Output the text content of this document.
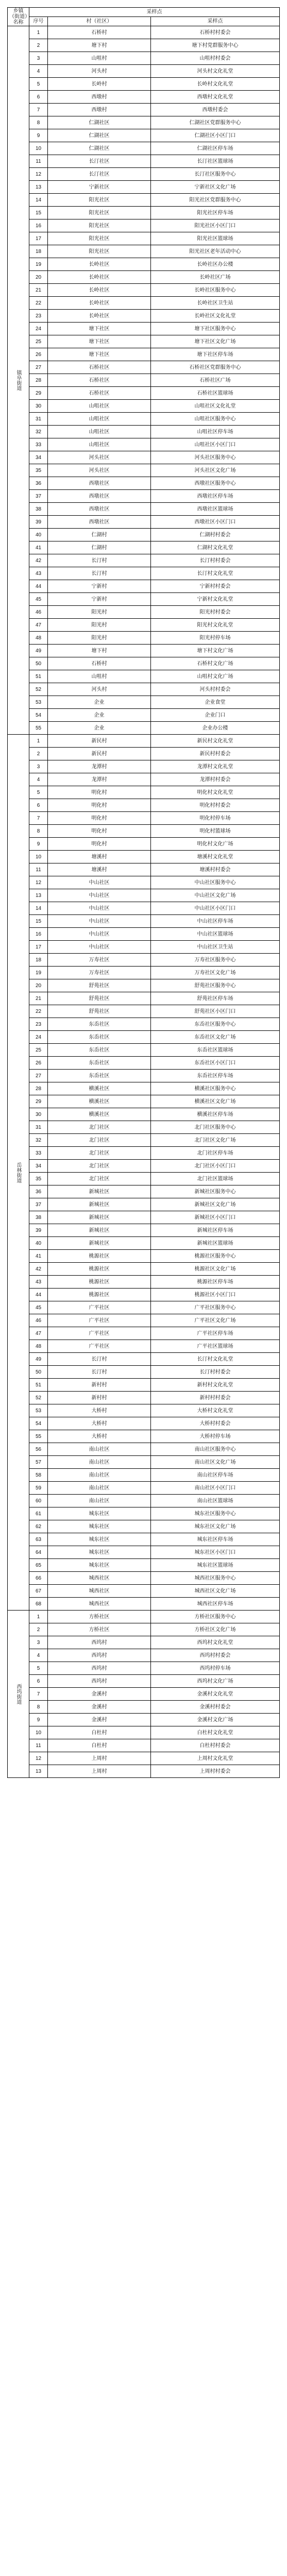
乡镇（街道）名称	采样点		
	序号	村（社区）	采样点
镇阜街道	1	石桥村	石桥村村委会
	2	塘下村	塘下村党群服务中心
	3	山咀村	山咀村村委会
	4	河头村	河头村文化礼堂
	5	长岭村	长岭村文化礼堂
	6	西墩村	西墩村文化礼堂
	7	西墩村	西墩村委会
	8	仁湖社区	仁湖社区党群服务中心
	9	仁湖社区	仁湖社区小区门口
	10	仁湖社区	仁湖社区停车场
	11	长汀社区	长汀社区篮球场
	12	长汀社区	长汀社区服务中心
	13	宁新社区	宁新社区文化广场
	14	阳光社区	阳光社区党群服务中心
	15	阳光社区	阳光社区停车场
	16	阳光社区	阳光社区小区门口
	17	阳光社区	阳光社区篮球场
	18	阳光社区	阳光社区老年活动中心
	19	长岭社区	长岭社区办公楼
	20	长岭社区	长岭社区广场
	21	长岭社区	长岭社区服务中心
	22	长岭社区	长岭社区卫生站
	23	长岭社区	长岭社区文化礼堂
	24	塘下社区	塘下社区服务中心
	25	塘下社区	塘下社区文化广场
	26	塘下社区	塘下社区停车场
	27	石桥社区	石桥社区党群服务中心
	28	石桥社区	石桥社区广场
	29	石桥社区	石桥社区篮球场
	30	山咀社区	山咀社区文化礼堂
	31	山咀社区	山咀社区服务中心
	32	山咀社区	山咀社区停车场
	33	山咀社区	山咀社区小区门口
	34	河头社区	河头社区服务中心
	35	河头社区	河头社区文化广场
	36	西墩社区	西墩社区服务中心
	37	西墩社区	西墩社区停车场
	38	西墩社区	西墩社区篮球场
	39	西墩社区	西墩社区小区门口
	40	仁湖村	仁湖村村委会
	41	仁湖村	仁湖村文化礼堂
	42	长汀村	长汀村村委会
	43	长汀村	长汀村文化礼堂
	44	宁新村	宁新村村委会
	45	宁新村	宁新村文化礼堂
	46	阳光村	阳光村村委会
	47	阳光村	阳光村文化礼堂
	48	阳光村	阳光村停车场
	49	塘下村	塘下村文化广场
	50	石桥村	石桥村文化广场
	51	山咀村	山咀村文化广场
	52	河头村	河头村村委会
	53	企业	企业食堂
	54	企业	企业门口
	55	企业	企业办公楼
岳林街道	1	新民村	新民村文化礼堂
	2	新民村	新民村村委会
	3	龙潭村	龙潭村文化礼堂
	4	龙潭村	龙潭村村委会
	5	明化村	明化村文化礼堂
	6	明化村	明化村村委会
	7	明化村	明化村停车场
	8	明化村	明化村篮球场
	9	明化村	明化村文化广场
	10	塘溪村	塘溪村文化礼堂
	11	塘溪村	塘溪村村委会
	12	中山社区	中山社区服务中心
	13	中山社区	中山社区文化广场
	14	中山社区	中山社区小区门口
	15	中山社区	中山社区停车场
	16	中山社区	中山社区篮球场
	17	中山社区	中山社区卫生站
	18	万寿社区	万寿社区服务中心
	19	万寿社区	万寿社区文化广场
	20	舒苑社区	舒苑社区服务中心
	21	舒苑社区	舒苑社区停车场
	22	舒苑社区	舒苑社区小区门口
	23	东岙社区	东岙社区服务中心
	24	东岙社区	东岙社区文化广场
	25	东岙社区	东岙社区篮球场
	26	东岙社区	东岙社区小区门口
	27	东岙社区	东岙社区停车场
	28	横溪社区	横溪社区服务中心
	29	横溪社区	横溪社区文化广场
	30	横溪社区	横溪社区停车场
	31	北门社区	北门社区服务中心
	32	北门社区	北门社区文化广场
	33	北门社区	北门社区停车场
	34	北门社区	北门社区小区门口
	35	北门社区	北门社区篮球场
	36	新城社区	新城社区服务中心
	37	新城社区	新城社区文化广场
	38	新城社区	新城社区小区门口
	39	新城社区	新城社区停车场
	40	新城社区	新城社区篮球场
	41	桃源社区	桃源社区服务中心
	42	桃源社区	桃源社区文化广场
	43	桃源社区	桃源社区停车场
	44	桃源社区	桃源社区小区门口
	45	广平社区	广平社区服务中心
	46	广平社区	广平社区文化广场
	47	广平社区	广平社区停车场
	48	广平社区	广平社区篮球场
	49	长汀村	长汀村文化礼堂
	50	长汀村	长汀村村委会
	51	新村村	新村村文化礼堂
	52	新村村	新村村村委会
	53	大桥村	大桥村文化礼堂
	54	大桥村	大桥村村委会
	55	大桥村	大桥村停车场
	56	南山社区	南山社区服务中心
	57	南山社区	南山社区文化广场
	58	南山社区	南山社区停车场
	59	南山社区	南山社区小区门口
	60	南山社区	南山社区篮球场
	61	城东社区	城东社区服务中心
	62	城东社区	城东社区文化广场
	63	城东社区	城东社区停车场
	64	城东社区	城东社区小区门口
	65	城东社区	城东社区篮球场
	66	城西社区	城西社区服务中心
	67	城西社区	城西社区文化广场
	68	城西社区	城西社区停车场
西坞街道	1	方桥社区	方桥社区服务中心
	2	方桥社区	方桥社区文化广场
	3	西坞村	西坞村文化礼堂
	4	西坞村	西坞村村委会
	5	西坞村	西坞村停车场
	6	西坞村	西坞村文化广场
	7	金溪村	金溪村文化礼堂
	8	金溪村	金溪村村委会
	9	金溪村	金溪村文化广场
	10	白杜村	白杜村文化礼堂
	11	白杜村	白杜村村委会
	12	上周村	上周村文化礼堂
	13	上周村	上周村村委会
